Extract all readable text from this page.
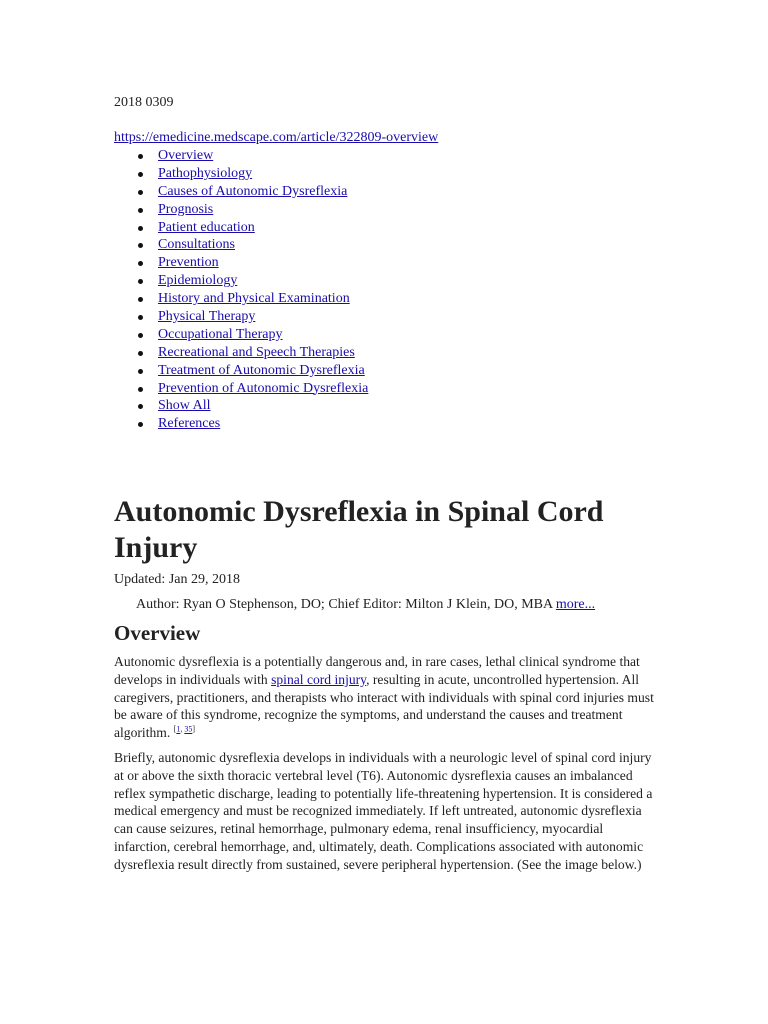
2018 0309
https://emedicine.medscape.com/article/322809-overview
Overview
Pathophysiology
Causes of Autonomic Dysreflexia
Prognosis
Patient education
Consultations
Prevention
Epidemiology
History and Physical Examination
Physical Therapy
Occupational Therapy
Recreational and Speech Therapies
Treatment of Autonomic Dysreflexia
Prevention of Autonomic Dysreflexia
Show All
References
Autonomic Dysreflexia in Spinal Cord Injury
Updated: Jan 29, 2018
Author: Ryan O Stephenson, DO; Chief Editor: Milton J Klein, DO, MBA more...
Overview

Autonomic dysreflexia is a potentially dangerous and, in rare cases, lethal clinical syndrome that develops in individuals with spinal cord injury, resulting in acute, uncontrolled hypertension. All caregivers, practitioners, and therapists who interact with individuals with spinal cord injuries must be aware of this syndrome, recognize the symptoms, and understand the causes and treatment algorithm. [1, 35]

Briefly, autonomic dysreflexia develops in individuals with a neurologic level of spinal cord injury at or above the sixth thoracic vertebral level (T6). Autonomic dysreflexia causes an imbalanced reflex sympathetic discharge, leading to potentially life-threatening hypertension. It is considered a medical emergency and must be recognized immediately. If left untreated, autonomic dysreflexia can cause seizures, retinal hemorrhage, pulmonary edema, renal insufficiency, myocardial infarction, cerebral hemorrhage, and, ultimately, death. Complications associated with autonomic dysreflexia result directly from sustained, severe peripheral hypertension. (See the image below.)
